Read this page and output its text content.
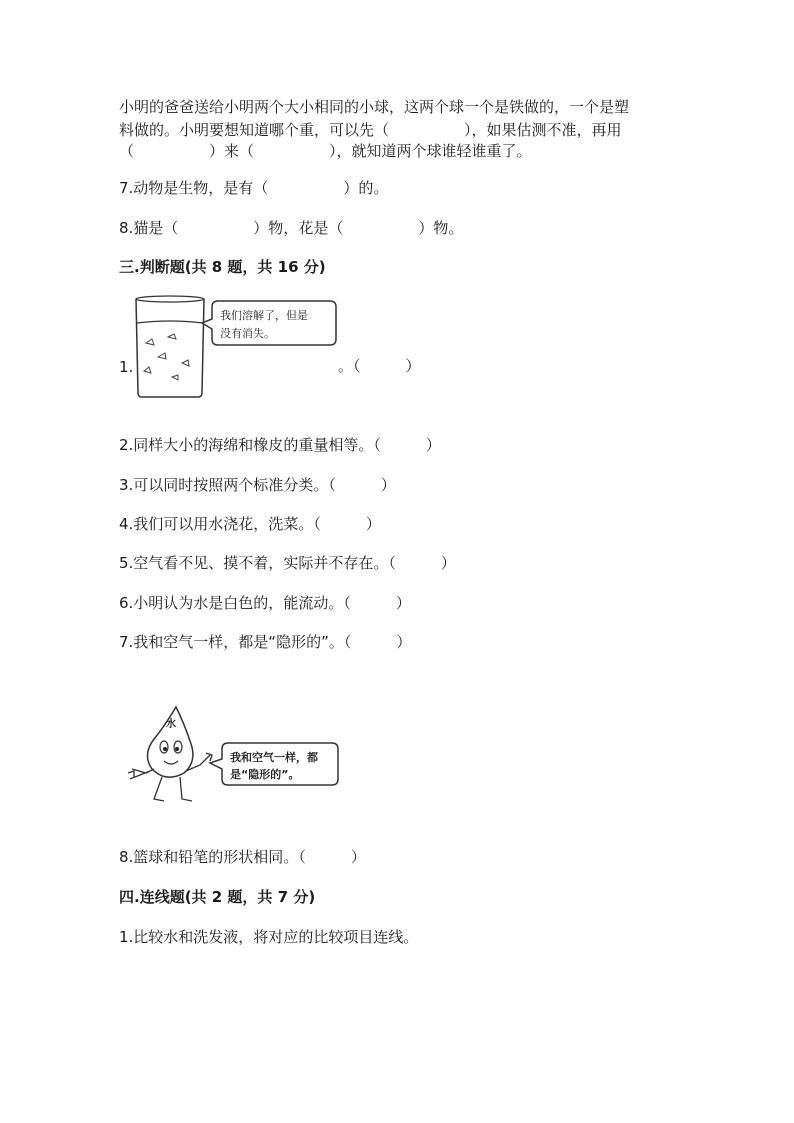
小明的爸爸送给小明两个大小相同的小球，这两个球一个是铁做的，一个是塑
料做的。小明要想知道哪个重，可以先（　　　　　），如果估测不准，再用
（　　　　　）来（　　　　　），就知道两个球谁轻谁重了。
7.动物是生物，是有（　　　　　）的。
8.猫是（　　　　　）物，花是（　　　　　）物。
三.判断题(共 8 题，共 16 分)
1.	。（　　　）
我们溶解了，但是
没有消失。
2.同样大小的海绵和橡皮的重量相等。（　　　）
3.可以同时按照两个标准分类。（　　　）
4.我们可以用水浇花，洗菜。（　　　）
5.空气看不见、摸不着，实际并不存在。（　　　）
6.小明认为水是白色的，能流动。（　　　）
7.我和空气一样，都是“隐形的”。（　　　）
水
我和空气一样，都
是“隐形的”。
8.篮球和铅笔的形状相同。（　　　）
四.连线题(共 2 题，共 7 分)
1.比较水和洗发液，将对应的比较项目连线。
